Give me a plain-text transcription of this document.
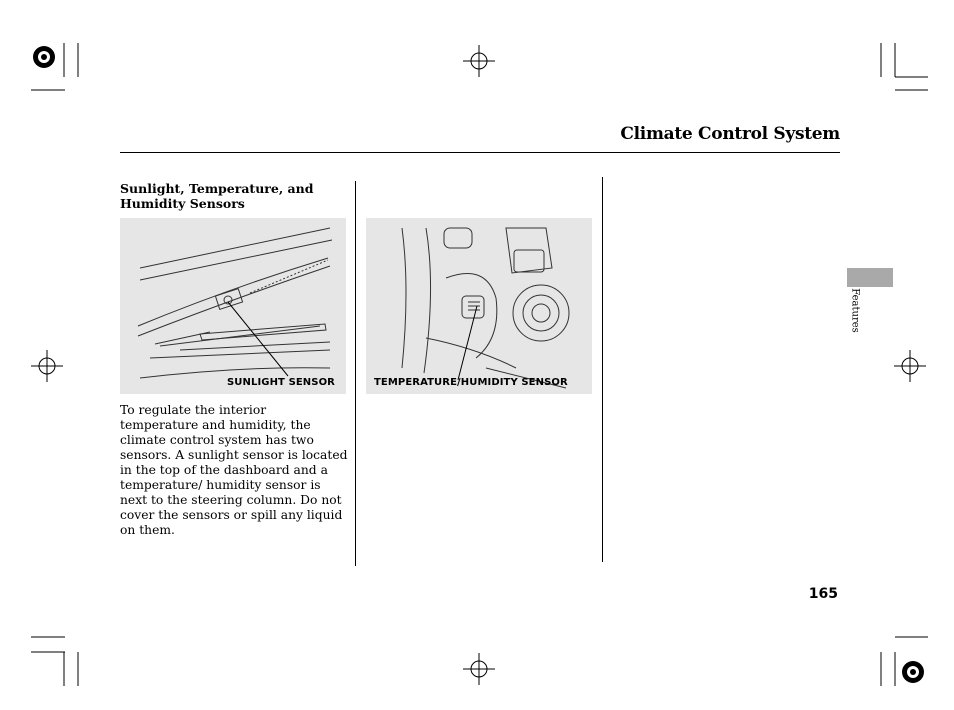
Climate Control System
Sunlight, Temperature, and Humidity Sensors
SUNLIGHT SENSOR	TEMPERATURE/HUMIDITY SENSOR
To regulate the interior temperature and humidity, the climate control system has two sensors. A sunlight sensor is located in the top of the dashboard and a temperature/ humidity sensor is next to the steering column. Do not cover the sensors or spill any liquid on them.
Features
165
